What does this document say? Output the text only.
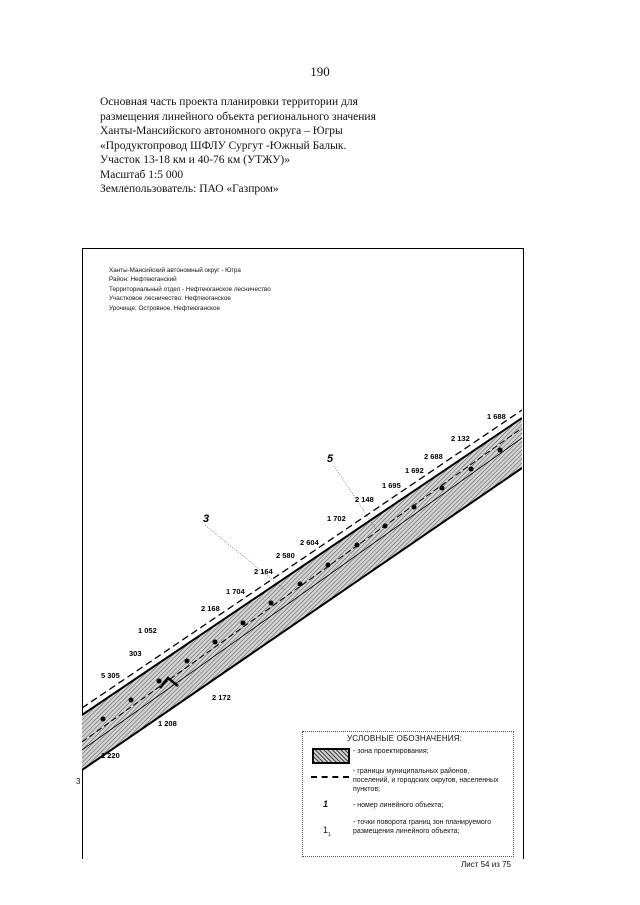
190
Основная часть проекта планировки территории для
размещения линейного объекта регионального значения
Ханты-Мансийского автономного округа – Югры
«Продуктопровод ШФЛУ Сургут -Южный Балык.
Участок 13-18 км и 40-76 км (УТЖУ)»
Масштаб 1:5 000
Землепользователь: ПАО «Газпром»
3
5
1 688
2 132
2 688
1 692
1 695
2 148
1 702
2 604
2 580
2 164
1 704
2 168
1 052
303
5 305
2 172
1 208
1 220
3
Ханты-Мансийский автономный округ - Югра
Район: Нефтеюганский
Территориальный отдел - Нефтеюганское лесничество
Участковое лесничество: Нефтеюганское
Урочище: Островное, Нефтеюганское
УСЛОВНЫЕ ОБОЗНАЧЕНИЯ:
- зона проектирования;
- границы муниципальных районов, поселений, и городских округов, населенных пунктов;
1	- номер линейного объекта;
$1_1$
- точки поворота границ зон планируемого размещения линейного объекта;
Лист 54 из 75
